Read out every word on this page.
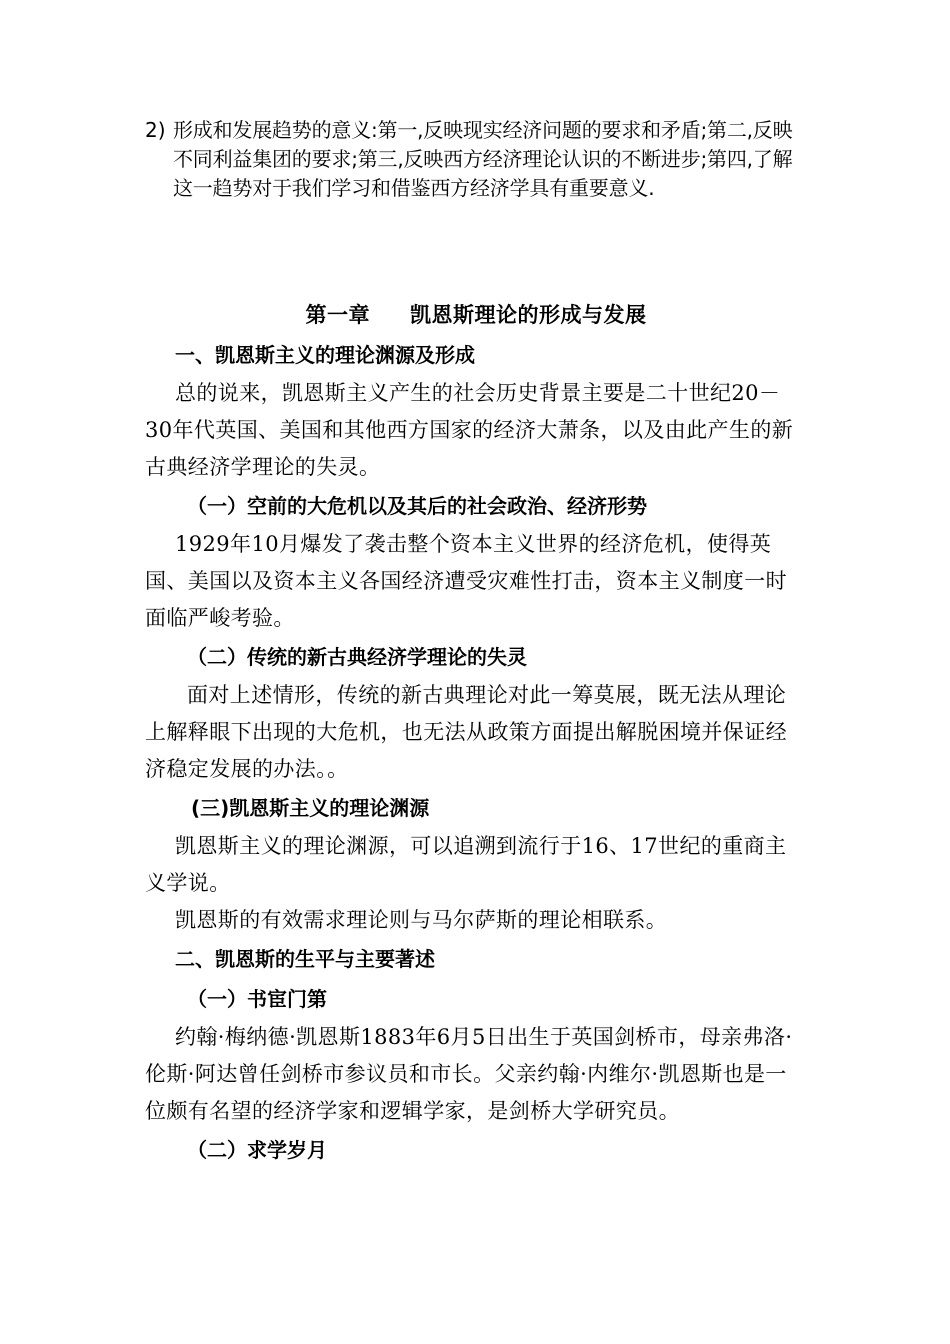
2) 形成和发展趋势的意义:第一,反映现实经济问题的要求和矛盾;第二,反映不同利益集团的要求;第三,反映西方经济理论认识的不断进步;第四,了解这一趋势对于我们学习和借鉴西方经济学具有重要意义.
第一章 凯恩斯理论的形成与发展
一、凯恩斯主义的理论渊源及形成

总的说来，凯恩斯主义产生的社会历史背景主要是二十世纪20－30年代英国、美国和其他西方国家的经济大萧条，以及由此产生的新古典经济学理论的失灵。

（一）空前的大危机以及其后的社会政治、经济形势

1929年10月爆发了袭击整个资本主义世界的经济危机，使得英国、美国以及资本主义各国经济遭受灾难性打击，资本主义制度一时面临严峻考验。

（二）传统的新古典经济学理论的失灵

面对上述情形，传统的新古典理论对此一筹莫展，既无法从理论上解释眼下出现的大危机，也无法从政策方面提出解脱困境并保证经济稳定发展的办法。。

(三)凯恩斯主义的理论渊源

凯恩斯主义的理论渊源，可以追溯到流行于16、17世纪的重商主义学说。

凯恩斯的有效需求理论则与马尔萨斯的理论相联系。

二、凯恩斯的生平与主要著述
（一）书宦门第

约翰·梅纳德·凯恩斯1883年6月5日出生于英国剑桥市，母亲弗洛·伦斯·阿达曾任剑桥市参议员和市长。父亲约翰·内维尔·凯恩斯也是一位颇有名望的经济学家和逻辑学家，是剑桥大学研究员。

（二）求学岁月
